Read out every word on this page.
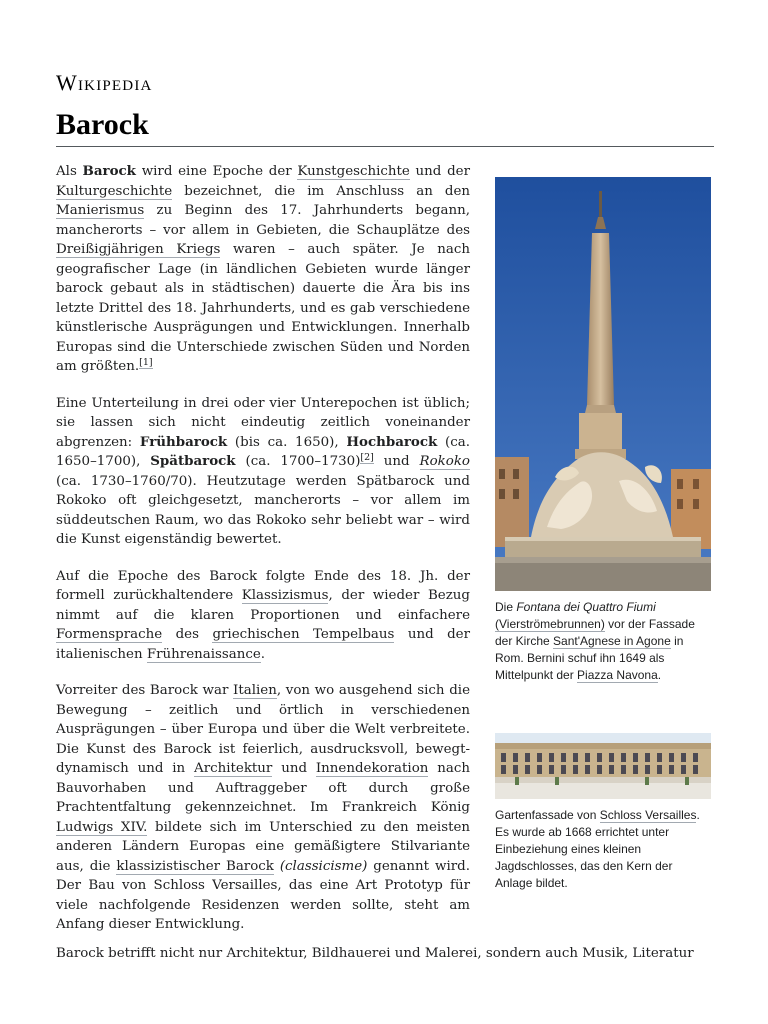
Wikipedia
Barock

Als Barock wird eine Epoche der Kunstgeschichte und der Kulturgeschichte bezeichnet, die im Anschluss an den Manierismus zu Beginn des 17. Jahrhunderts begann, mancherorts – vor allem in Gebieten, die Schauplätze des Dreißigjährigen Kriegs waren – auch später. Je nach geografischer Lage (in ländlichen Gebieten wurde länger barock gebaut als in städtischen) dauerte die Ära bis ins letzte Drittel des 18. Jahrhunderts, und es gab verschiedene künstlerische Ausprägungen und Entwicklungen. Innerhalb Europas sind die Unterschiede zwischen Süden und Norden am größten.[1]

Eine Unterteilung in drei oder vier Unterepochen ist üblich; sie lassen sich nicht eindeutig zeitlich voneinander abgrenzen: Frühbarock (bis ca. 1650), Hochbarock (ca. 1650–1700), Spätbarock (ca. 1700–1730)[2] und Rokoko (ca. 1730–1760/70). Heutzutage werden Spätbarock und Rokoko oft gleichgesetzt, mancherorts – vor allem im süddeutschen Raum, wo das Rokoko sehr beliebt war – wird die Kunst eigenständig bewertet.

Auf die Epoche des Barock folgte Ende des 18. Jh. der formell zurückhaltendere Klassizismus, der wieder Bezug nimmt auf die klaren Proportionen und einfachere Formensprache des griechischen Tempelbaus und der italienischen Frührenaissance.

Vorreiter des Barock war Italien, von wo ausgehend sich die Bewegung – zeitlich und örtlich in verschiedenen Ausprägungen – über Europa und über die Welt verbreitete. Die Kunst des Barock ist feierlich, ausdrucksvoll, bewegt-dynamisch und in Architektur und Innendekoration nach Bauvorhaben und Auftraggeber oft durch große Prachtentfaltung gekennzeichnet. Im Frankreich König Ludwigs XIV. bildete sich im Unterschied zu den meisten anderen Ländern Europas eine gemäßigtere Stilvariante aus, die klassizistischer Barock (classicisme) genannt wird. Der Bau von Schloss Versailles, das eine Art Prototyp für viele nachfolgende Residenzen werden sollte, steht am Anfang dieser Entwicklung.

Barock betrifft nicht nur Architektur, Bildhauerei und Malerei, sondern auch Musik, Literatur
Die Fontana dei Quattro Fiumi (Vierströmebrunnen) vor der Fassade der Kirche Sant'Agnese in Agone in Rom. Bernini schuf ihn 1649 als Mittelpunkt der Piazza Navona.
Gartenfassade von Schloss Versailles. Es wurde ab 1668 errichtet unter Einbeziehung eines kleinen Jagdschlosses, das den Kern der Anlage bildet.
